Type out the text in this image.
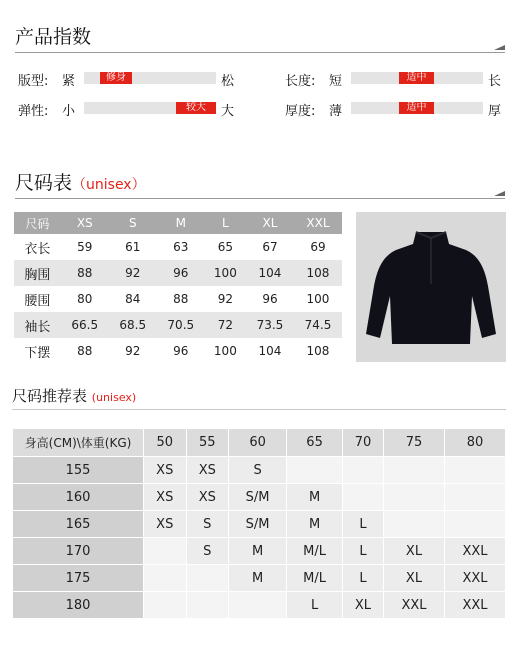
产品指数
版型: 紧	修身	松	长度: 短	适中	长
弹性: 小	较大	大	厚度: 薄	适中	厚
尺码表（unisex）
尺码	XS	S	M	L	XL	XXL
衣长	59	61	63	65	67	69
胸围	88	92	96	100	104	108
腰围	80	84	88	92	96	100
袖长	66.5	68.5	70.5	72	73.5	74.5
下摆	88	92	96	100	104	108
尺码推荐表 (unisex)
身高(CM)\体重(KG)	50	55	60	65	70	75	80
155	XS	XS	S				
160	XS	XS	S/M	M			
165	XS	S	S/M	M	L		
170		S	M	M/L	L	XL	XXL
175			M	M/L	L	XL	XXL
180				L	XL	XXL	XXL
